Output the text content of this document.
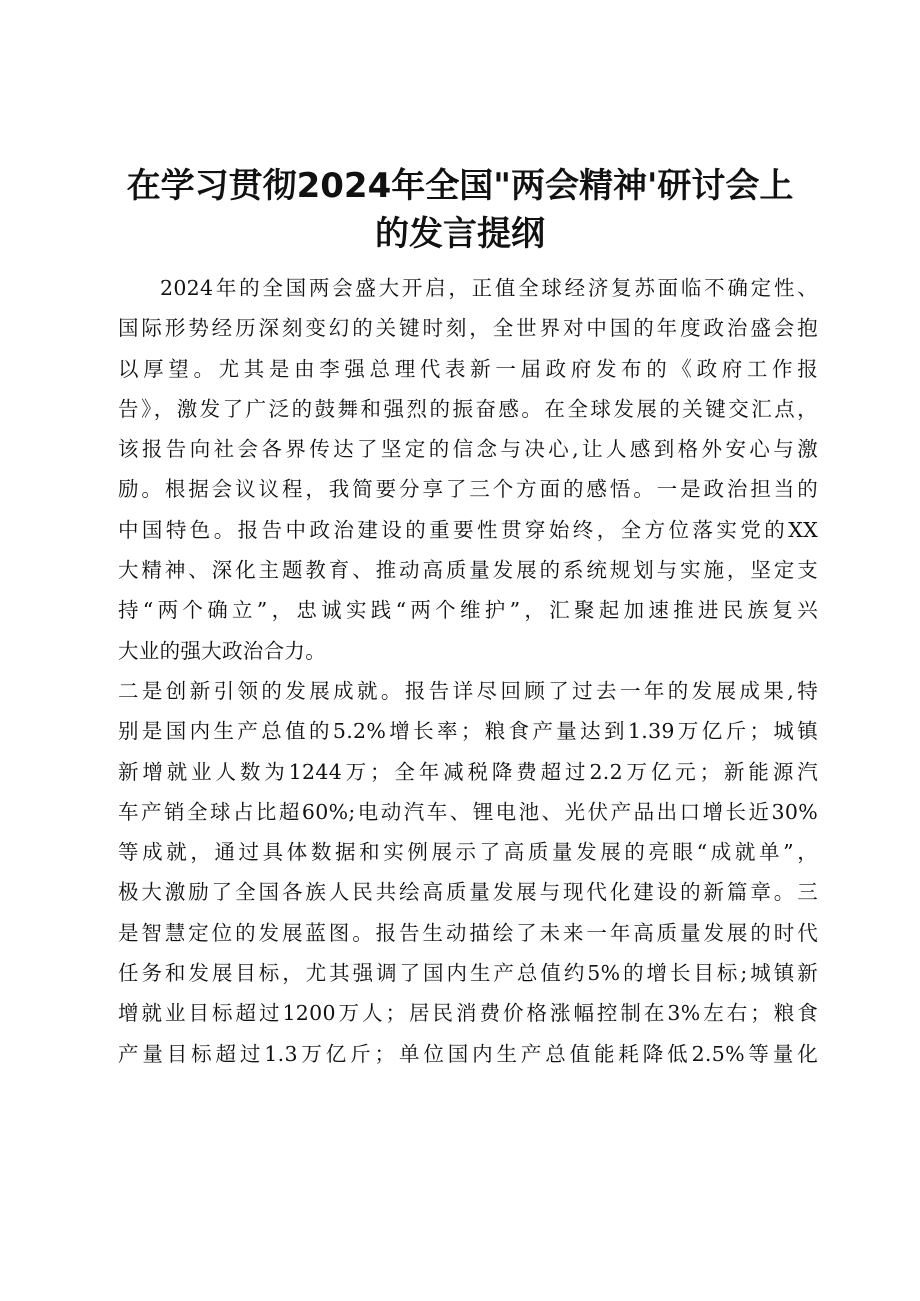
在学习贯彻2024年全国"两会精神'研讨会上
的发言提纲
2024年的全国两会盛大开启，正值全球经济复苏面临不确定性、
国际形势经历深刻变幻的关键时刻，全世界对中国的年度政治盛会抱
以厚望。尤其是由李强总理代表新一届政府发布的《政府工作报
告》，激发了广泛的鼓舞和强烈的振奋感。在全球发展的关键交汇点，
该报告向社会各界传达了坚定的信念与决心,让人感到格外安心与激
励。根据会议议程，我简要分享了三个方面的感悟。一是政治担当的
中国特色。报告中政治建设的重要性贯穿始终，全方位落实党的XX
大精神、深化主题教育、推动高质量发展的系统规划与实施，坚定支
持“两个确立”，忠诚实践“两个维护”，汇聚起加速推进民族复兴
大业的强大政治合力。
二是创新引领的发展成就。报告详尽回顾了过去一年的发展成果,特
别是国内生产总值的5.2%增长率；粮食产量达到1.39万亿斤；城镇
新增就业人数为1244万；全年减税降费超过2.2万亿元；新能源汽
车产销全球占比超60%;电动汽车、锂电池、光伏产品出口增长近30%
等成就，通过具体数据和实例展示了高质量发展的亮眼“成就单”，
极大激励了全国各族人民共绘高质量发展与现代化建设的新篇章。三
是智慧定位的发展蓝图。报告生动描绘了未来一年高质量发展的时代
任务和发展目标，尤其强调了国内生产总值约5%的增长目标;城镇新
增就业目标超过1200万人；居民消费价格涨幅控制在3%左右；粮食
产量目标超过1.3万亿斤；单位国内生产总值能耗降低2.5%等量化
